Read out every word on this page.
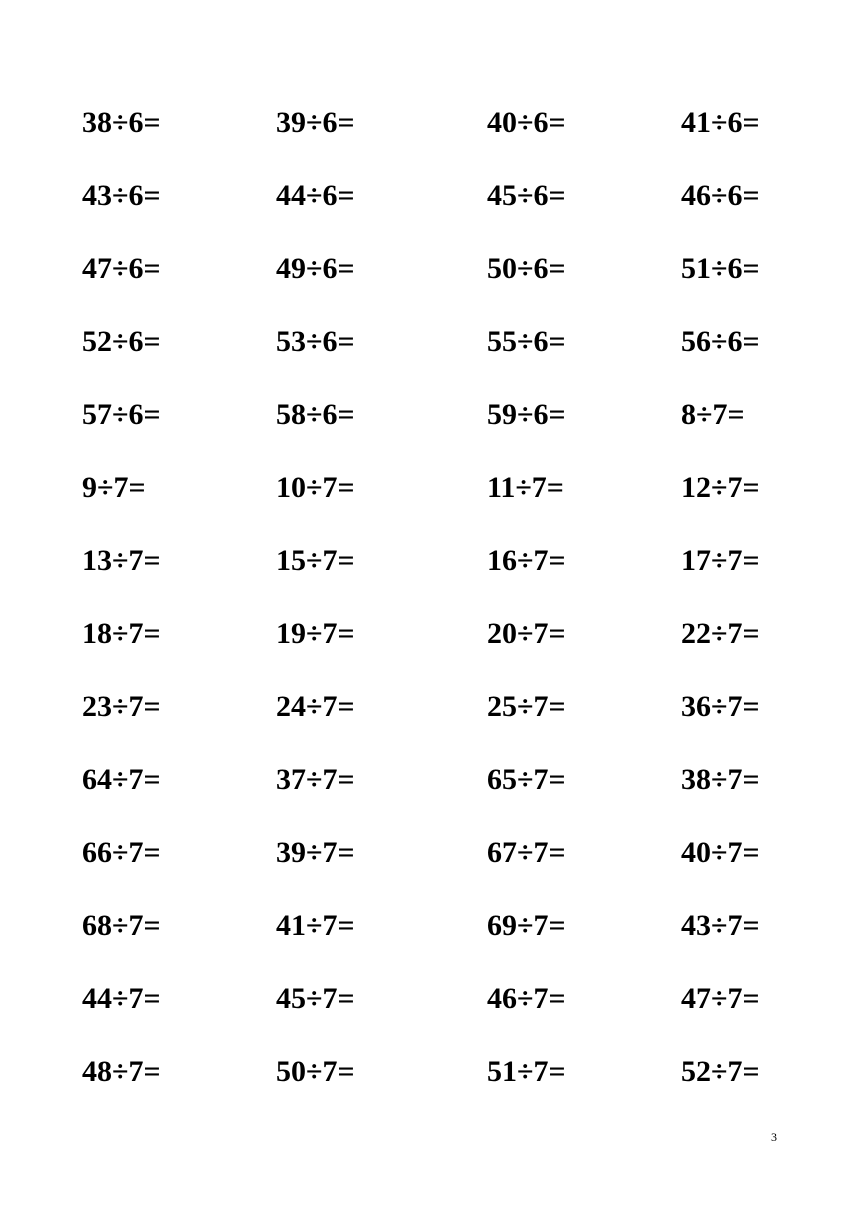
38÷6=	39÷6=	40÷6=	41÷6=
43÷6=	44÷6=	45÷6=	46÷6=
47÷6=	49÷6=	50÷6=	51÷6=
52÷6=	53÷6=	55÷6=	56÷6=
57÷6=	58÷6=	59÷6=	8÷7=
9÷7=	10÷7=	11÷7=	12÷7=
13÷7=	15÷7=	16÷7=	17÷7=
18÷7=	19÷7=	20÷7=	22÷7=
23÷7=	24÷7=	25÷7=	36÷7=
64÷7=	37÷7=	65÷7=	38÷7=
66÷7=	39÷7=	67÷7=	40÷7=
68÷7=	41÷7=	69÷7=	43÷7=
44÷7=	45÷7=	46÷7=	47÷7=
48÷7=	50÷7=	51÷7=	52÷7=
3
